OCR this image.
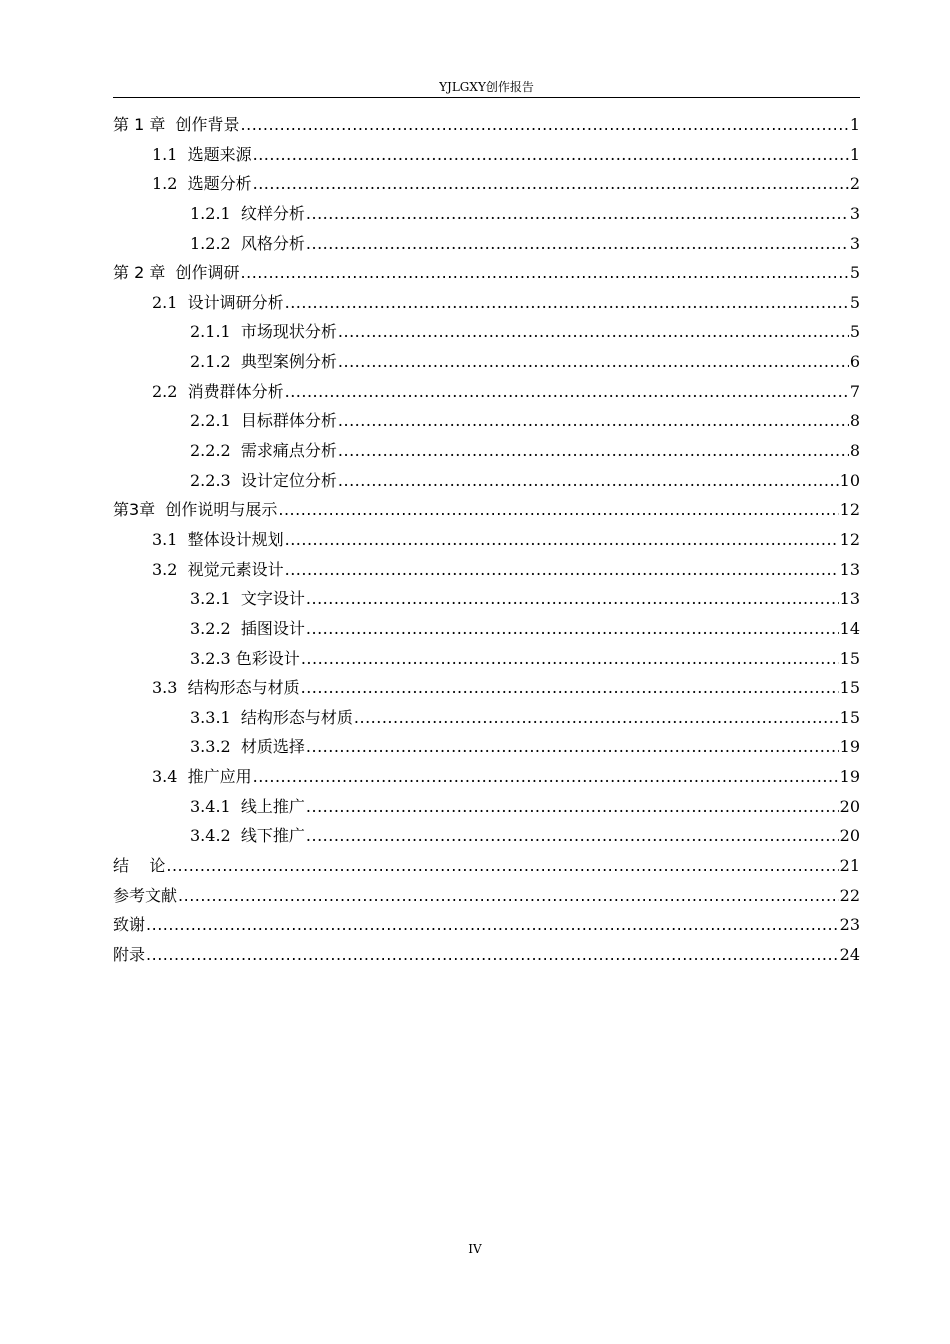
YJLGXY创作报告
第 1 章  创作背景 .....	1
1.1  选题来源 .....	1
1.2  选题分析 .....	2
1.2.1  纹样分析 .....	3
1.2.2  风格分析 .....	3
第 2 章  创作调研 .....	5
2.1  设计调研分析 .....	5
2.1.1  市场现状分析 .....	5
2.1.2  典型案例分析 .....	6
2.2  消费群体分析 .....	7
2.2.1  目标群体分析 .....	8
2.2.2  需求痛点分析 .....	8
2.2.3  设计定位分析 .....	10
第3章  创作说明与展示 .....	12
3.1  整体设计规划 .....	12
3.2  视觉元素设计 .....	13
3.2.1  文字设计 .....	13
3.2.2  插图设计 .....	14
3.2.3 色彩设计 .....	15
3.3  结构形态与材质 .....	15
3.3.1  结构形态与材质 .....	15
3.3.2  材质选择 .....	19
3.4  推广应用 .....	19
3.4.1  线上推广 .....	20
3.4.2  线下推广 .....	20
结    论 .....	21
参考文献 .....	22
致谢 .....	23
附录 .....	24
IV
